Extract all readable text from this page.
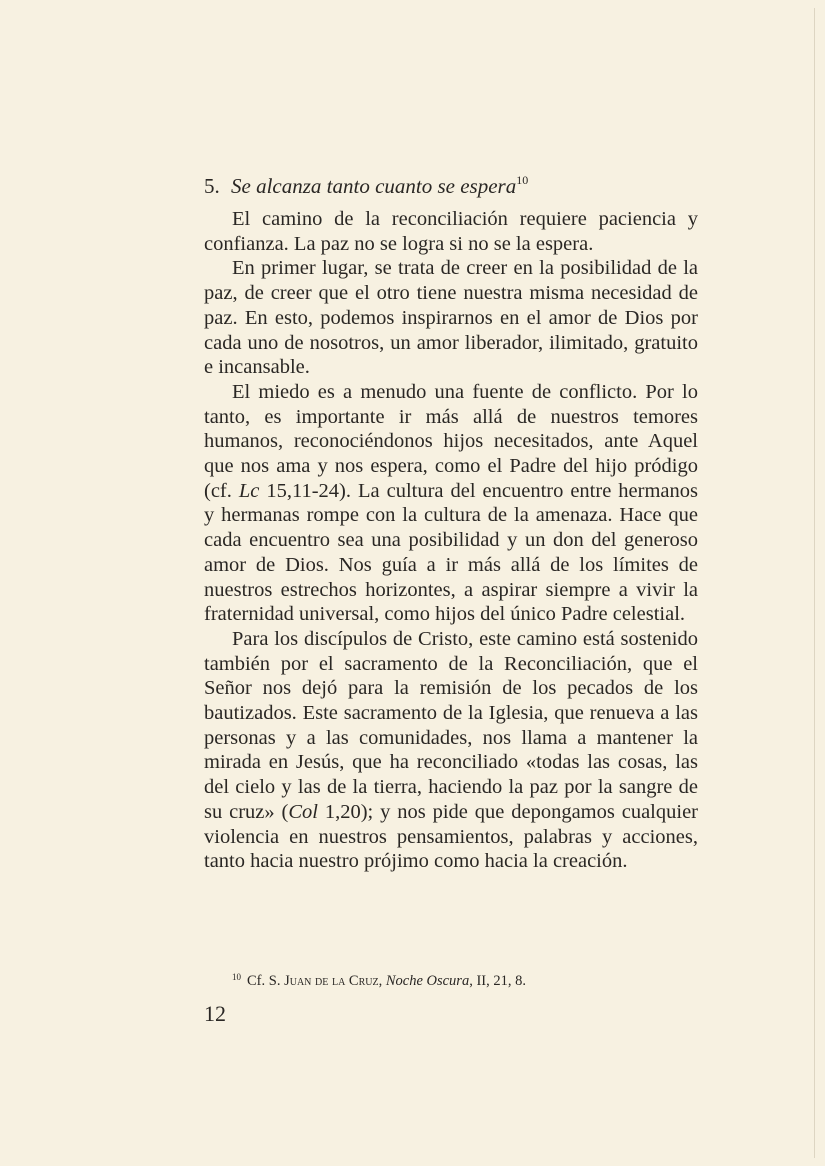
5. Se alcanza tanto cuanto se espera$^{10}$

El camino de la reconciliación requiere paciencia y confianza. La paz no se logra si no se la espera.

En primer lugar, se trata de creer en la posibilidad de la paz, de creer que el otro tiene nuestra misma necesidad de paz. En esto, podemos inspirarnos en el amor de Dios por cada uno de nosotros, un amor liberador, ilimitado, gratuito e incansable.

El miedo es a menudo una fuente de conflicto. Por lo tanto, es importante ir más allá de nuestros temores humanos, reconociéndonos hijos necesitados, ante Aquel que nos ama y nos espera, como el Padre del hijo pródigo (cf. Lc 15,11-24). La cultura del encuentro entre hermanos y hermanas rompe con la cultura de la amenaza. Hace que cada encuentro sea una posibilidad y un don del generoso amor de Dios. Nos guía a ir más allá de los límites de nuestros estrechos horizontes, a aspirar siempre a vivir la fraternidad universal, como hijos del único Padre celestial.

Para los discípulos de Cristo, este camino está sostenido también por el sacramento de la Reconciliación, que el Señor nos dejó para la remisión de los pecados de los bautizados. Este sacramento de la Iglesia, que renueva a las personas y a las comunidades, nos llama a mantener la mirada en Jesús, que ha reconciliado «todas las cosas, las del cielo y las de la tierra, haciendo la paz por la sangre de su cruz» (Col 1,20); y nos pide que depongamos cualquier violencia en nuestros pensamientos, palabras y acciones, tanto hacia nuestro prójimo como hacia la creación.

$^{10}$ Cf. S. Juan de la Cruz, Noche Oscura, II, 21, 8.
12
